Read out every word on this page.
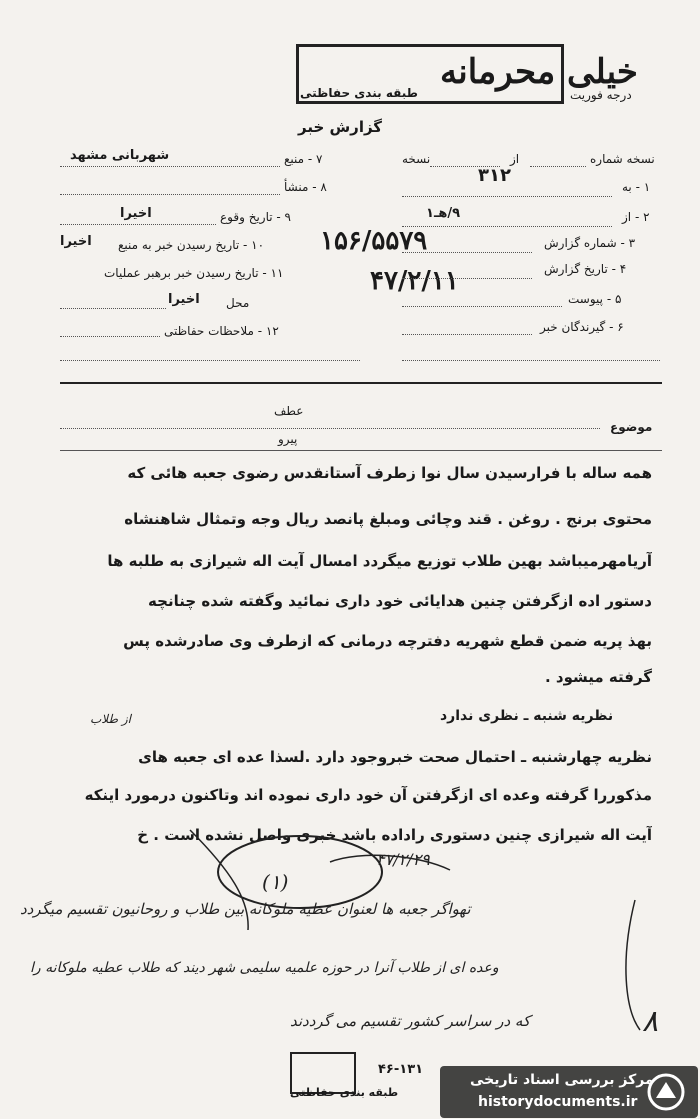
خیلی محرمانه
طبقه بندی حفاظتی	درجه فوریت
گزارش خبر
نسخه شماره
از
نسخه
۱ - به
۳۱۲
۲ - از
۹/هـ۱
۳ - شماره گزارش
۱۵۶/۵۵۷۹
۴ - تاریخ گزارش
۴۷/۲/۱۱
۵ - پیوست
۶ - گیرندگان خبر
۷ - منبع
شهربانی مشهد
۸ - منشأ
۹ - تاریخ وقوع
اخیرا
۱۰ - تاریخ رسیدن خبر به منبع
اخیرا
۱۱ - تاریخ رسیدن خبر برهبر عملیات
محل
اخیرا
۱۲ - ملاحظات حفاظتی
عطف
موضوع
پیرو
همه ساله با فرارسیدن سال نوا زطرف آستانقدس رضوی جعبه هائی که
محتوی برنج . روغن . قند وچائی ومبلغ پانصد ریال وجه وتمثال شاهنشاه
آریامهرمیباشد بهین طلاب توزیع میگردد امسال آیت اله شیرازی به طلبه ها
دستور اده ازگرفتن چنین هدایائی خود داری نمائید وگفته شده چنانچه
بهذ پریه ضمن قطع شهریه دفترچه درمانی که ازطرف وی صادرشده پس
گرفته میشود .
نظریه شنبه ـ نظری ندارد
از طلاب
نظریه چهارشنبه ـ احتمال صحت خبروجود دارد .لسذا عده ای جعبه های
مذکوررا گرفته وعده ای ازگرفتن آن خود داری نموده اند وتاکنون درمورد اینکه
آیت اله شیرازی چنین دستوری راداده باشد خبری واصل نشده است . خ
(۱)
۴۷/۲/۲۹
تهواگر جعبه ها لعنوان عطیه ملوکانه بین طلاب و روحانیون تقسیم میگردد
وعده ای از طلاب آنرا در حوزه علمیه سلیمی شهر دیند که طلاب عطیه ملوکانه را
که در سراسر کشور تقسیم می گرددند	۸
۴۶-۱۳۱
طبقه بندی حفاظتی
مرکز بررسی اسناد تاریخی
historydocuments.ir
